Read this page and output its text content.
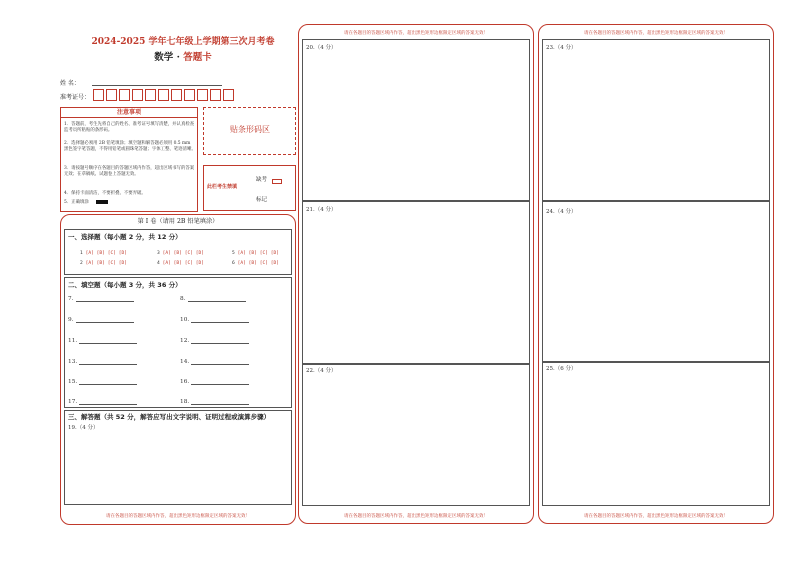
2024-2025 学年七年级上学期第三次月考卷
数学 · 答题卡
姓 名：
准考证号：
注意事项
1．答题前，考生先将自己的姓名、准考证号填写清楚，并认真检查监考员所粘贴的条形码。
2．选择题必须用 2B 铅笔填涂；填空题和解答题必须用 0.5 mm 黑色签字笔答题，不得用铅笔或圆珠笔答题；字体工整、笔迹清晰。
3．请按题号顺序在各题目的答题区域内作答，超出区域书写的答案无效；在草稿纸、试题卷上答题无效。
4．保持卡面清洁，不要折叠、不要弄破。
5．正确填涂
贴条形码区
此栏考生禁填
缺考
标记
第 I 卷（请用 2B 铅笔填涂）
一、选择题（每小题 2 分，共 12 分）
1 [A] [B] [C] [D]
2 [A] [B] [C] [D]
3 [A] [B] [C] [D]
4 [A] [B] [C] [D]
5 [A] [B] [C] [D]
6 [A] [B] [C] [D]
二、填空题（每小题 3 分，共 36 分）
7.	8.
9.	10.
11.	12.
13.	14.
15.	16.
17.	18.
三、解答题（共 52 分，解答应写出文字说明、证明过程或演算步骤）
19.（4 分）
请在各题目的答题区域内作答，超出黑色矩形边框限定区域的答案无效！
请在各题目的答题区域内作答，超出黑色矩形边框限定区域的答案无效！
20.（4 分）
21.（4 分）
22.（4 分）
请在各题目的答题区域内作答，超出黑色矩形边框限定区域的答案无效！
请在各题目的答题区域内作答，超出黑色矩形边框限定区域的答案无效！
23.（4 分）
24.（4 分）
25.（6 分）
请在各题目的答题区域内作答，超出黑色矩形边框限定区域的答案无效！
